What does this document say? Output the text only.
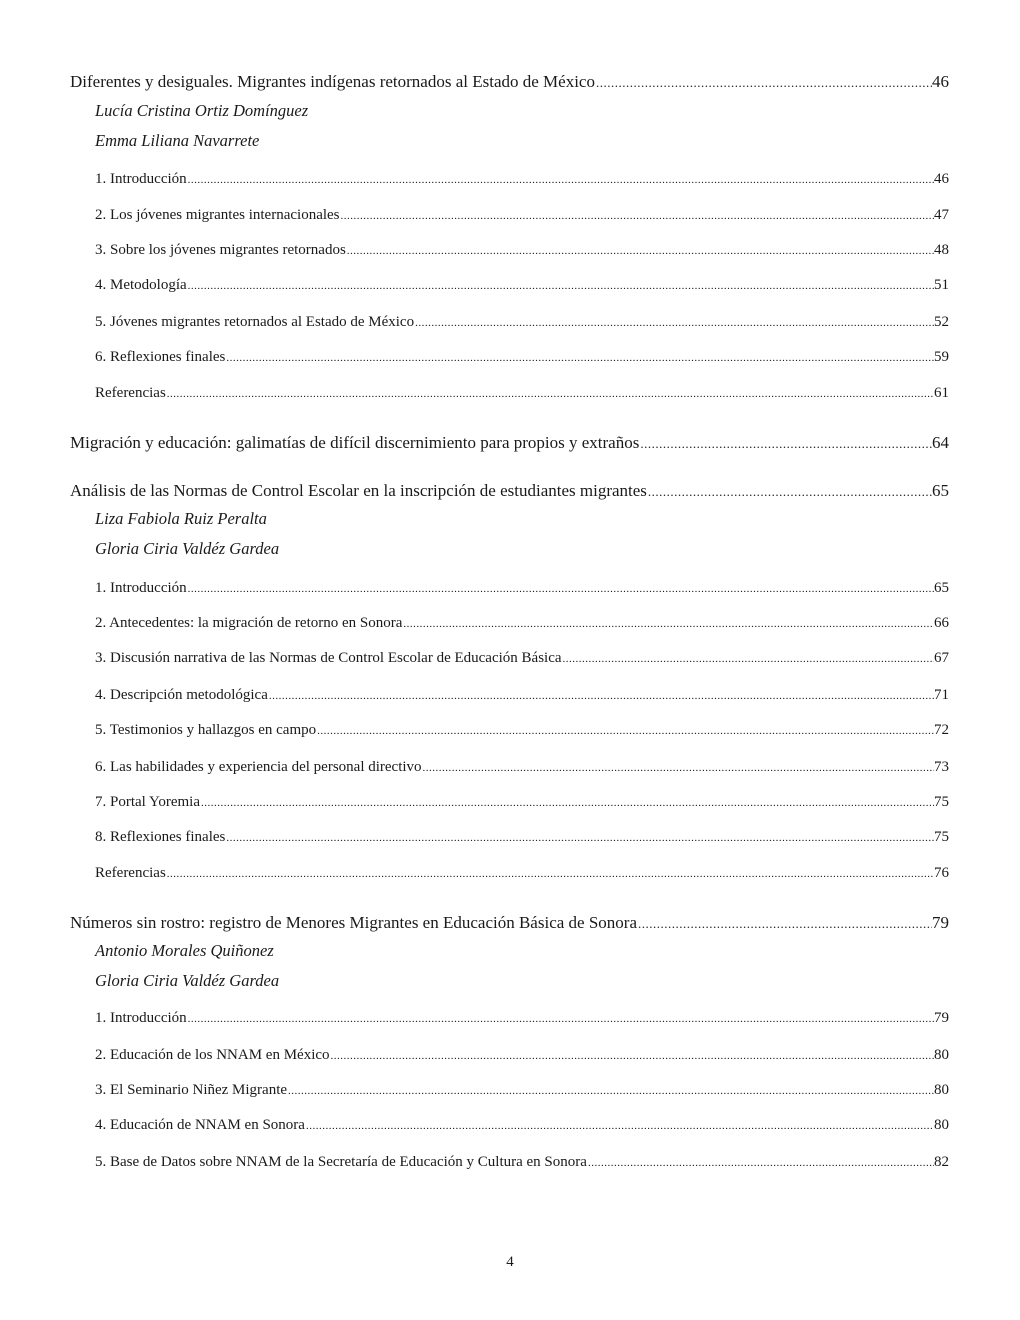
Diferentes y desiguales. Migrantes indígenas retornados al Estado de México .....	46
Lucía Cristina Ortiz Domínguez
Emma Liliana Navarrete
1. Introducción .....	46
2. Los jóvenes migrantes internacionales .....	47
3. Sobre los jóvenes migrantes retornados .....	48
4. Metodología .....	51
5. Jóvenes migrantes retornados al Estado de México .....	52
6. Reflexiones finales .....	59
Referencias .....	61
Migración y educación: galimatías de difícil discernimiento para propios y extraños .....	64
Análisis de las Normas de Control Escolar en la inscripción de estudiantes migrantes .....	65
Liza Fabiola Ruiz Peralta
Gloria Ciria Valdéz Gardea
1. Introducción .....	65
2. Antecedentes: la migración de retorno en Sonora .....	66
3. Discusión narrativa de las Normas de Control Escolar de Educación Básica .....	67
4. Descripción metodológica .....	71
5. Testimonios y hallazgos en campo .....	72
6. Las habilidades y experiencia del personal directivo .....	73
7. Portal Yoremia .....	75
8. Reflexiones finales .....	75
Referencias .....	76
Números sin rostro: registro de Menores Migrantes en Educación Básica de Sonora .....	79
Antonio Morales Quiñonez
Gloria Ciria Valdéz Gardea
1. Introducción .....	79
2. Educación de los NNAM en México .....	80
3. El Seminario Niñez Migrante .....	80
4. Educación de NNAM en Sonora .....	80
5. Base de Datos sobre NNAM de la Secretaría de Educación y Cultura en Sonora .....	82
4
